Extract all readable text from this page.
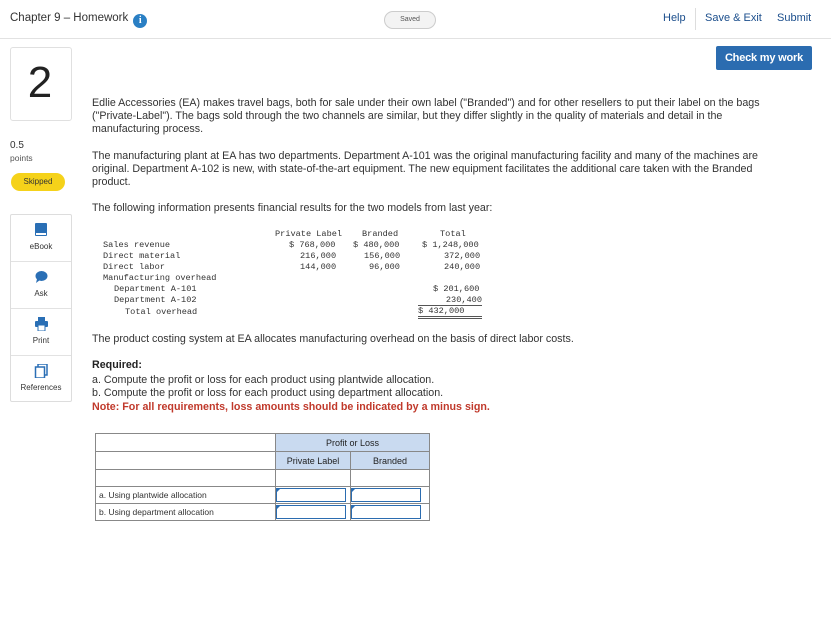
Chapter 9 – Homework i	Saved	Help Save & Exit Submit
Check my work
2
0.5
points
Skipped
eBook
Ask
Print
References
Edlie Accessories (EA) makes travel bags, both for sale under their own label ("Branded") and for other resellers to put their label on the bags ("Private-Label"). The bags sold through the two channels are similar, but they differ slightly in the quality of materials and detail in the manufacturing process.
The manufacturing plant at EA has two departments. Department A-101 was the original manufacturing facility and many of the machines are original. Department A-102 is new, with state-of-the-art equipment. The new equipment facilitates the additional care taken with the Branded product.
The following information presents financial results for the two models from last year:
Private Label Branded	Total
Sales revenue	$ 768,000 $ 480,000	$ 1,248,000
Direct material	216,000	156,000	372,000
Direct labor	144,000	96,000	240,000
Manufacturing overhead
Department A-101	$ 201,600
Department A-102	230,400
Total overhead	$ 432,000
The product costing system at EA allocates manufacturing overhead on the basis of direct labor costs.
Required:
a. Compute the profit or loss for each product using plantwide allocation.
b. Compute the profit or loss for each product using department allocation.
Note: For all requirements, loss amounts should be indicated by a minus sign.
	Profit or Loss	
	Private Label	Branded

a. Using plantwide allocation	

b. Using department allocation	
